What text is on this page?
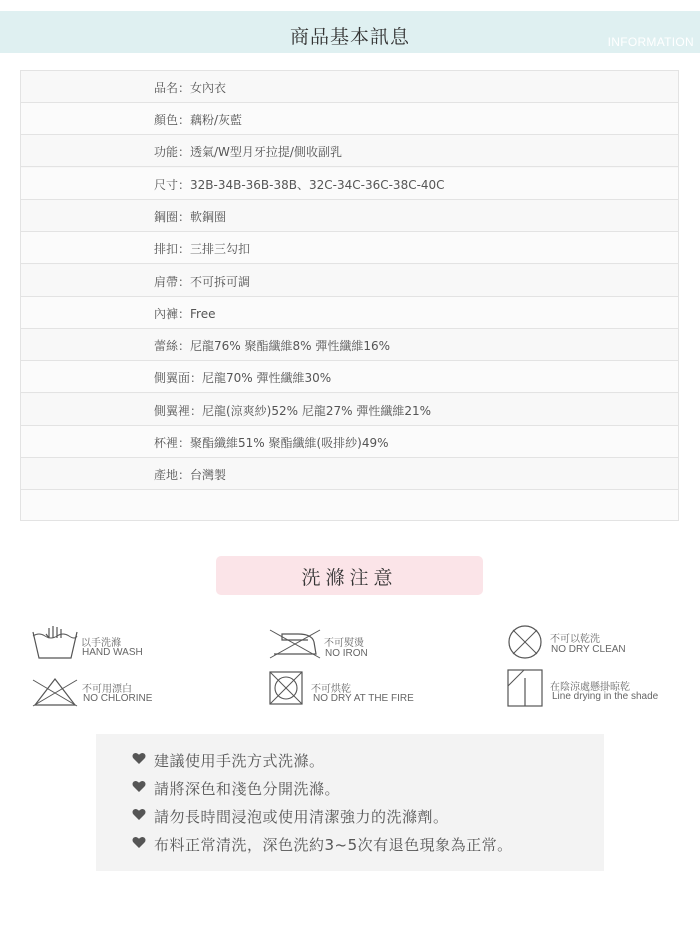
商品基本訊息	INFORMATION
品名：女內衣
顏色：藕粉/灰藍
功能：透氣/W型月牙拉提/側收副乳
尺寸：32B-34B-36B-38B、32C-34C-36C-38C-40C
鋼圈：軟鋼圈
排扣：三排三勾扣
肩帶：不可拆可調
內褲：Free
蕾絲：尼龍76% 聚酯纖維8% 彈性纖維16%
側翼面：尼龍70% 彈性纖維30%
側翼裡：尼龍(涼爽紗)52% 尼龍27% 彈性纖維21%
杯裡：聚酯纖維51% 聚酯纖維(吸排紗)49%
產地：台灣製
洗滌注意
以手洗滌
HAND WASH
不可熨燙
NO IRON
不可以乾洗
NO DRY CLEAN
不可用漂白
NO CHLORINE
不可烘乾
NO DRY AT THE FIRE
在陰涼處懸掛晾乾
Line drying in the shade
建議使用手洗方式洗滌。
請將深色和淺色分開洗滌。
請勿長時間浸泡或使用清潔強力的洗滌劑。
布料正常清洗，深色洗約3~5次有退色現象為正常。
